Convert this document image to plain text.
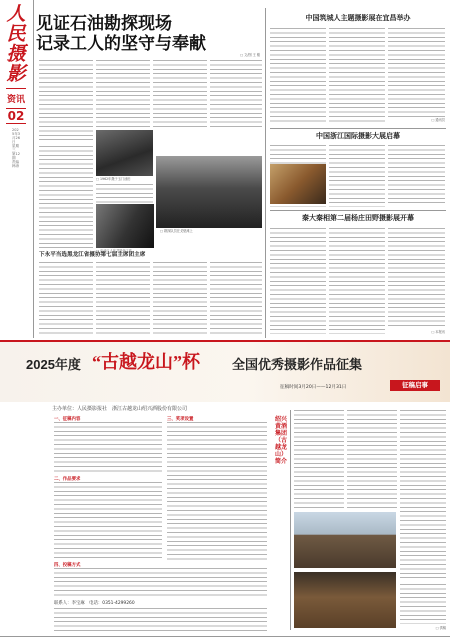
人民摄影
资讯
02
2025年3月26日 星期三 第12期 责编 韩涛
见证石油勘探现场
记录工人的坚守与奉献
□ 文/图 王 刚
□ 1962年摄于玉门油田
□ 勘探队员在戈壁滩上
□ 石油工人在井架旁工作
下永平当选黑龙江省摄协第七届主席团主席
中国筑城人主题摄影展在宜昌举办
□ 通讯员
中国浙江国际摄影大展启幕
秦大秦相第二届杨庄田野摄影展开幕
□ 本报讯
2025年度 “古越龙山”杯 全国优秀摄影作品征集
征稿时间3月20日——12月31日	征稿启事
主办单位：人民摄影报社　浙江古越龙山绍兴酒股份有限公司
一、征稿内容
二、作品要求
三、奖项设置
四、投稿方式
联系人：李宝麻　电话：0351-4299260
绍兴黄酒集团（古越龙山）简介
□ 供稿
